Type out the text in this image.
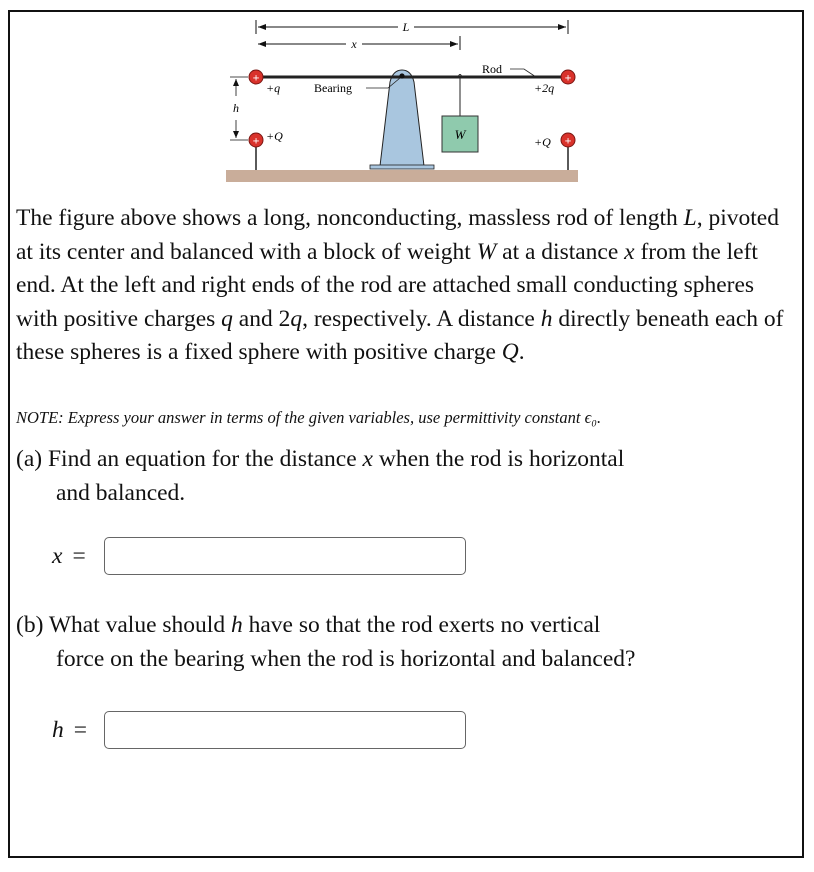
L
x
W
Rod
Bearing
+
+q
+
+2q
h
+ +Q	+
+Q

The figure above shows a long, nonconducting, massless rod of length L, pivoted at its center and balanced with a block of weight W at a distance x from the left end. At the left and right ends of the rod are attached small conducting spheres with positive charges q and 2q, respectively. A distance h directly beneath each of these spheres is a fixed sphere with positive charge Q.

NOTE: Express your answer in terms of the given variables, use permittivity constant ϵ₀.

(a) Find an equation for the distance x when the rod is horizontal
and balanced.

x =

(b) What value should h have so that the rod exerts no vertical
force on the bearing when the rod is horizontal and balanced?

h =
